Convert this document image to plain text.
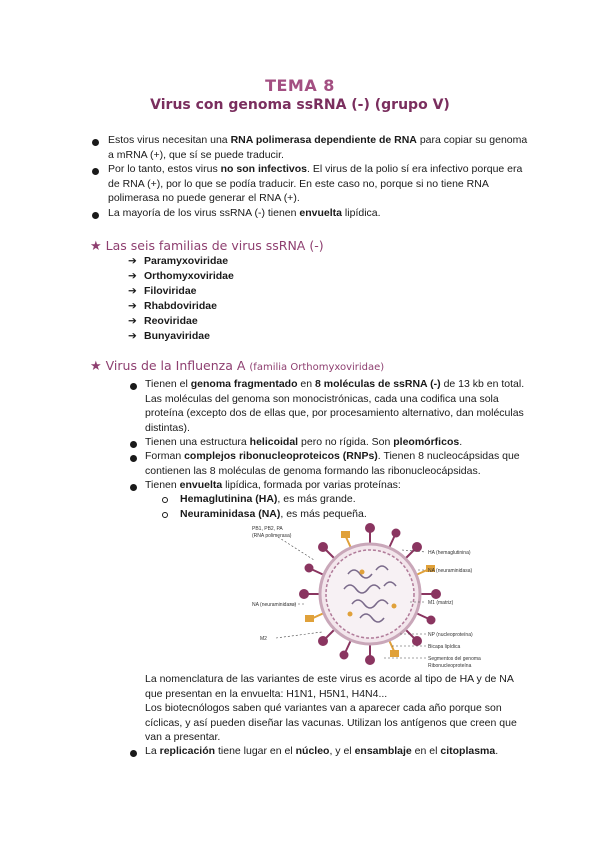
TEMA 8
Virus con genoma ssRNA (-) (grupo V)
Estos virus necesitan una RNA polimerasa dependiente de RNA para copiar su genoma a mRNA (+), que sí se puede traducir.
Por lo tanto, estos virus no son infectivos. El virus de la polio sí era infectivo porque era de RNA (+), por lo que se podía traducir. En este caso no, porque si no tiene RNA polimerasa no puede generar el RNA (+).
La mayoría de los virus ssRNA (-) tienen envuelta lipídica.
★ Las seis familias de virus ssRNA (-)
➔ Paramyxoviridae
➔ Orthomyxoviridae
➔ Filoviridae
➔ Rhabdoviridae
➔ Reoviridae
➔ Bunyaviridae
★ Virus de la Influenza A (familia Orthomyxoviridae)
Tienen el genoma fragmentado en 8 moléculas de ssRNA (-) de 13 kb en total. Las moléculas del genoma son monocistrónicas, cada una codifica una sola proteína (excepto dos de ellas que, por procesamiento alternativo, dan moléculas distintas).
Tienen una estructura helicoidal pero no rígida. Son pleomórficos.
Forman complejos ribonucleoproteicos (RNPs). Tienen 8 nucleocápsidas que contienen las 8 moléculas de genoma formando las ribonucleocápsidas.
Tienen envuelta lipídica, formada por varias proteínas:
Hemaglutinina (HA), es más grande.
Neuraminidasa (NA), es más pequeña.
PB1, PB2, PA
(RNA polimerasa)
HA (hemaglutinina)
NA (neuraminidasa)
NA (neuraminidasa)	M1 (matriz)
M2
NP (nucleoproteína)
Bicapa lipídica
Segmentos del genoma
Ribonucleoproteína
La nomenclatura de las variantes de este virus es acorde al tipo de HA y de NA que presentan en la envuelta: H1N1, H5N1, H4N4...
Los biotecnólogos saben qué variantes van a aparecer cada año porque son cíclicas, y así pueden diseñar las vacunas. Utilizan los antígenos que creen que van a presentar.
La replicación tiene lugar en el núcleo, y el ensamblaje en el citoplasma.
